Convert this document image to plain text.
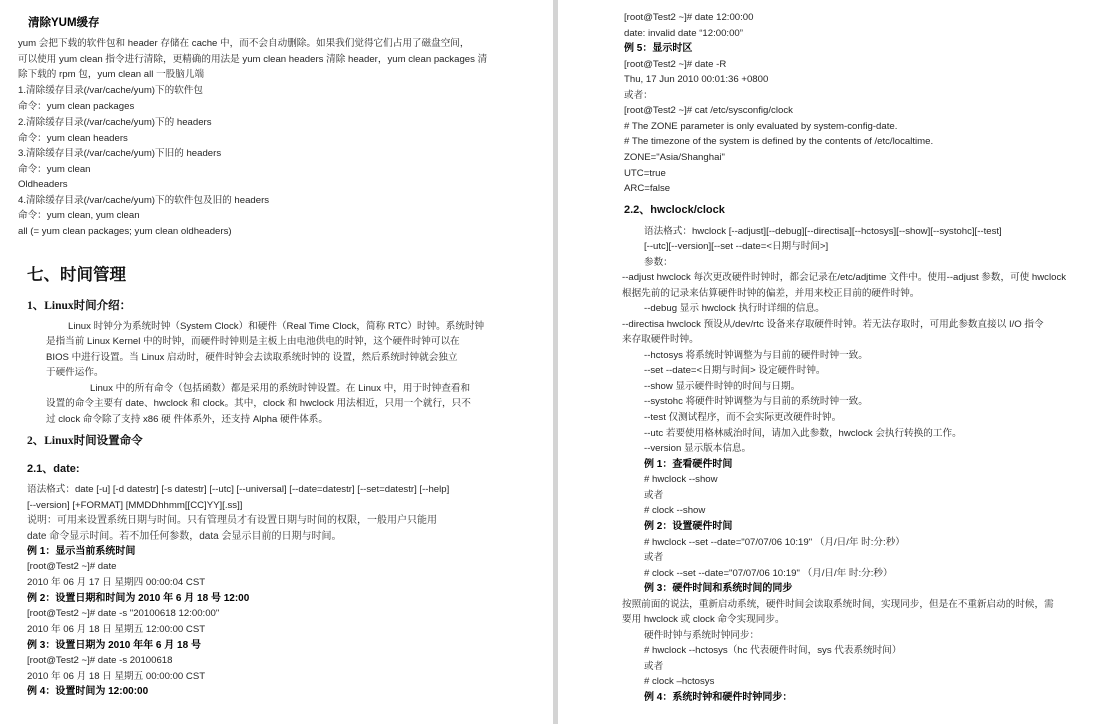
清除YUM缓存
yum 会把下载的软件包和 header 存储在 cache 中，而不会自动删除。如果我们觉得它们占用了磁盘空间，
可以使用 yum clean 指令进行清除，更精确的用法是 yum clean headers 清除 header，yum clean packages 清
除下载的 rpm 包，yum clean all 一股脑儿端
1.清除缓存目录(/var/cache/yum)下的软件包
命令：yum clean packages
2.清除缓存目录(/var/cache/yum)下的 headers
命令：yum clean headers
3.清除缓存目录(/var/cache/yum)下旧的 headers
命令：yum clean
Oldheaders
4.清除缓存目录(/var/cache/yum)下的软件包及旧的 headers
命令：yum clean, yum clean
all (= yum clean packages; yum clean oldheaders)
七、时间管理
1、Linux时间介绍：
Linux 时钟分为系统时钟（System Clock）和硬件（Real Time Clock，简称 RTC）时钟。系统时钟
是指当前 Linux Kernel 中的时钟，而硬件时钟则是主板上由电池供电的时钟，这个硬件时钟可以在
BIOS 中进行设置。当 Linux 启动时，硬件时钟会去读取系统时钟的 设置，然后系统时钟就会独立
于硬件运作。
Linux 中的所有命令（包括函数）都是采用的系统时钟设置。在 Linux 中，用于时钟查看和
设置的命令主要有 date、hwclock 和 clock。其中，clock 和 hwclock 用法相近，只用一个就行，只不
过 clock 命令除了支持 x86 硬 件体系外，还支持 Alpha 硬件体系。
2、Linux时间设置命令
2.1、date:
语法格式：date [-u] [-d datestr] [-s datestr] [--utc] [--universal] [--date=datestr] [--set=datestr] [--help]
[--version] [+FORMAT] [MMDDhhmm[[CC]YY][.ss]]
说明：可用来设置系统日期与时间。只有管理员才有设置日期与时间的权限，一般用户只能用
date 命令显示时间。若不加任何参数，data 会显示目前的日期与时间。
例 1：显示当前系统时间
[root@Test2 ~]# date
2010 年 06 月 17 日 星期四 00:00:04 CST
例 2：设置日期和时间为 2010 年 6 月 18 号 12:00
[root@Test2 ~]# date -s "20100618 12:00:00"
2010 年 06 月 18 日 星期五 12:00:00 CST
例 3：设置日期为 2010 年年 6 月 18 号
[root@Test2 ~]# date -s 20100618
2010 年 06 月 18 日 星期五 00:00:00 CST
例 4：设置时间为 12:00:00
[root@Test2 ~]# date 12:00:00
date: invalid date “12:00:00”
例 5：显示时区
[root@Test2 ~]# date -R
Thu, 17 Jun 2010 00:01:36 +0800
或者：
[root@Test2 ~]# cat /etc/sysconfig/clock
# The ZONE parameter is only evaluated by system-config-date.
# The timezone of the system is defined by the contents of /etc/localtime.
ZONE="Asia/Shanghai"
UTC=true
ARC=false
2.2、hwclock/clock
语法格式：hwclock [--adjust][--debug][--directisa][--hctosys][--show][--systohc][--test]
[--utc][--version][--set --date=<日期与时间>]
参数：
--adjust hwclock 每次更改硬件时钟时，都会记录在/etc/adjtime 文件中。使用--adjust 参数，可使 hwclock
根据先前的记录来估算硬件时钟的偏差，并用来校正目前的硬件时钟。
--debug 显示 hwclock 执行时详细的信息。
--directisa hwclock 预设从/dev/rtc 设备来存取硬件时钟。若无法存取时，可用此参数直接以 I/O 指令
来存取硬件时钟。
--hctosys 将系统时钟调整为与目前的硬件时钟一致。
--set --date=<日期与时间> 设定硬件时钟。
--show 显示硬件时钟的时间与日期。
--systohc 将硬件时钟调整为与目前的系统时钟一致。
--test 仅测试程序，而不会实际更改硬件时钟。
--utc 若要使用格林威治时间，请加入此参数，hwclock 会执行转换的工作。
--version 显示版本信息。
例 1：查看硬件时间
# hwclock --show
或者
# clock --show
例 2：设置硬件时间
# hwclock --set --date="07/07/06 10:19" （月/日/年 时:分:秒）
或者
# clock --set --date="07/07/06 10:19" （月/日/年 时:分:秒）
例 3：硬件时间和系统时间的同步
按照前面的说法，重新启动系统，硬件时间会读取系统时间，实现同步，但是在不重新启动的时候，需
要用 hwclock 或 clock 命令实现同步。
硬件时钟与系统时钟同步：
# hwclock --hctosys（hc 代表硬件时间，sys 代表系统时间）
或者
# clock –hctosys
例 4：系统时钟和硬件时钟同步：
